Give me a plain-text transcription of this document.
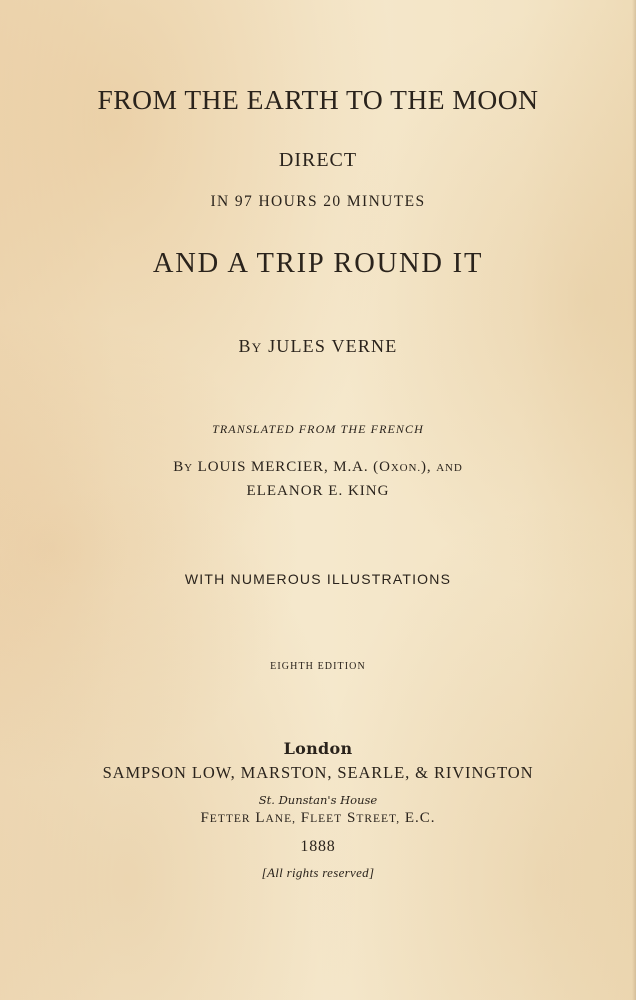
FROM THE EARTH TO THE MOON
DIRECT
IN 97 HOURS 20 MINUTES
AND A TRIP ROUND IT
BY JULES VERNE
TRANSLATED FROM THE FRENCH
BY LOUIS MERCIER, M.A. (OXON.), AND
ELEANOR E. KING
WITH NUMEROUS ILLUSTRATIONS
EIGHTH EDITION
London
SAMPSON LOW, MARSTON, SEARLE, & RIVINGTON
St. Dunstan's House
FETTER LANE, FLEET STREET, E.C.
1888
[All rights reserved]
